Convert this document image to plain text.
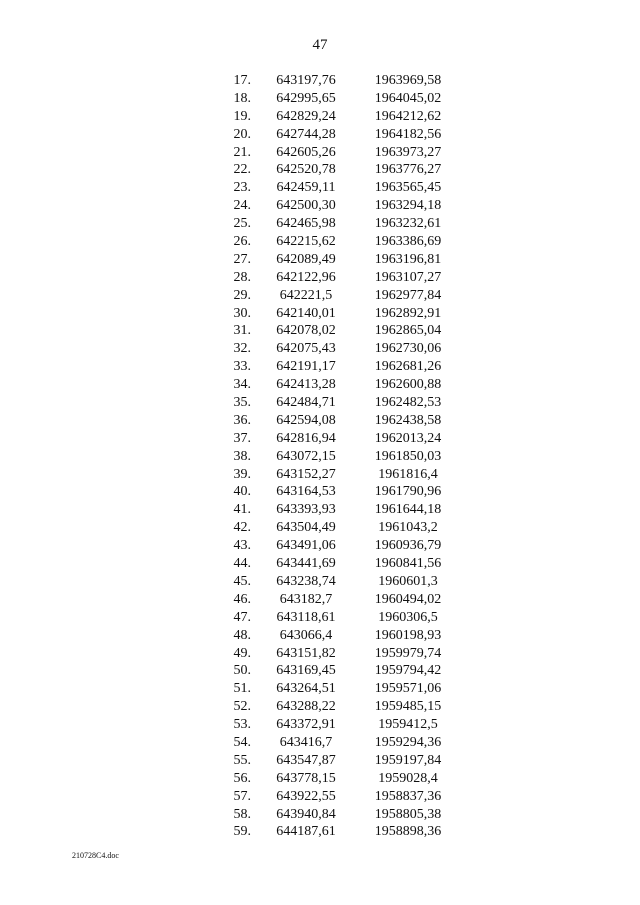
47
17.	643197,76	1963969,58
18.	642995,65	1964045,02
19.	642829,24	1964212,62
20.	642744,28	1964182,56
21.	642605,26	1963973,27
22.	642520,78	1963776,27
23.	642459,11	1963565,45
24.	642500,30	1963294,18
25.	642465,98	1963232,61
26.	642215,62	1963386,69
27.	642089,49	1963196,81
28.	642122,96	1963107,27
29.	642221,5	1962977,84
30.	642140,01	1962892,91
31.	642078,02	1962865,04
32.	642075,43	1962730,06
33.	642191,17	1962681,26
34.	642413,28	1962600,88
35.	642484,71	1962482,53
36.	642594,08	1962438,58
37.	642816,94	1962013,24
38.	643072,15	1961850,03
39.	643152,27	1961816,4
40.	643164,53	1961790,96
41.	643393,93	1961644,18
42.	643504,49	1961043,2
43.	643491,06	1960936,79
44.	643441,69	1960841,56
45.	643238,74	1960601,3
46.	643182,7	1960494,02
47.	643118,61	1960306,5
48.	643066,4	1960198,93
49.	643151,82	1959979,74
50.	643169,45	1959794,42
51.	643264,51	1959571,06
52.	643288,22	1959485,15
53.	643372,91	1959412,5
54.	643416,7	1959294,36
55.	643547,87	1959197,84
56.	643778,15	1959028,4
57.	643922,55	1958837,36
58.	643940,84	1958805,38
59.	644187,61	1958898,36
210728C4.doc
